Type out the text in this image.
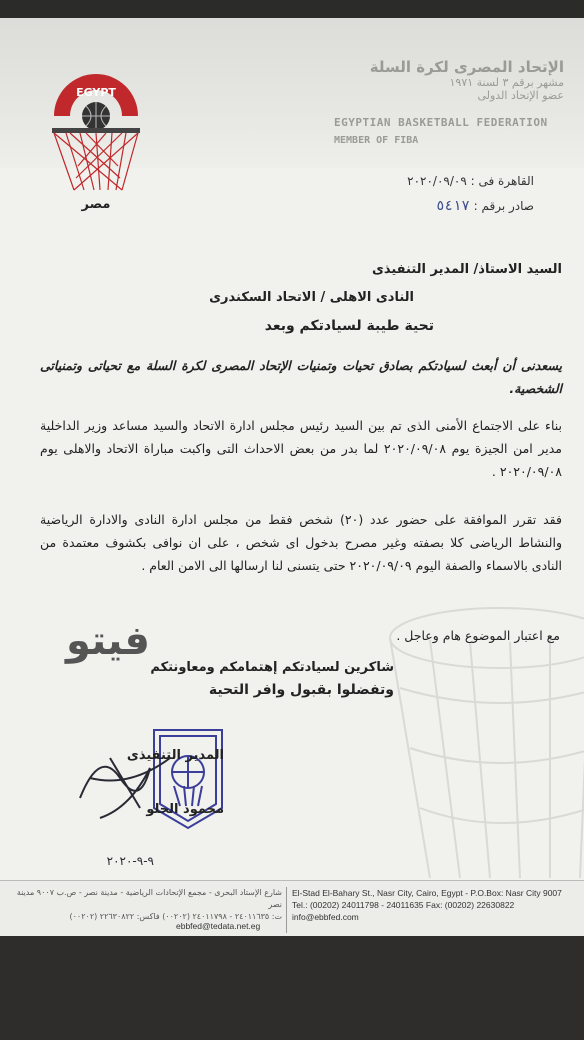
EGYPT
مصر
الإتحاد المصرى لكرة السلة
مشهر برقم ٣ لسنة ١٩٧١
عضو الإتحاد الدولى
EGYPTIAN BASKETBALL FEDERATION
MEMBER OF FIBA
القاهرة فى : ٢٠٢٠/٠٩/٠٩
صادر برقم : ٥٤١٧
السيد الاستاذ/ المدير التنفيذى
النادى الاهلى / الاتحاد السكندرى
تحية طيبة لسيادتكم وبعد
يسعدنى أن أبعث لسيادتكم بصادق تحيات وتمنيات الإتحاد المصرى لكرة السلة مع تحياتى وتمنياتى الشخصية.
بناء على الاجتماع الأمنى الذى تم بين السيد رئيس مجلس ادارة الاتحاد والسيد مساعد وزير الداخلية مدير امن الجيزة يوم ٢٠٢٠/٠٩/٠٨ لما بدر من بعض الاحداث التى واكبت مباراة الاتحاد والاهلى يوم ٢٠٢٠/٠٩/٠٨ .
فقد تقرر الموافقة على حضور عدد (٢٠) شخص فقط من مجلس ادارة النادى والادارة الرياضية والنشاط الرياضى كلا بصفته وغير مصرح بدخول اى شخص ، على ان نوافى بكشوف معتمدة من النادى بالاسماء والصفة اليوم ٢٠٢٠/٠٩/٠٩ حتى يتسنى لنا ارسالها الى الامن العام .
مع اعتبار الموضوع هام وعاجل .
فيتو
شاكرين لسيادتكم إهتمامكم ومعاونتكم
وتفضلوا بقبول وافر التحية
المدير التنفيذى
محمود الحلو
٩-٩-٢٠٢٠
El-Stad El-Bahary St., Nasr City, Cairo, Egypt - P.O.Box: Nasr City 9007
Tel.: (00202) 24011798 - 24011635 Fax: (00202) 22630822
info@ebbfed.com
شارع الإستاد البحرى - مجمع الإتحادات الرياضية - مدينة نصر - ص.ب ٩٠٠٧ مدينة نصر
ت: ٢٤٠١١٦٣٥ - ٢٤٠١١٧٩٨ (٠٠٢٠٢) فاكس: ٢٢٦٣٠٨٢٢ (٠٠٢٠٢)
ebbfed@tedata.net.eg
